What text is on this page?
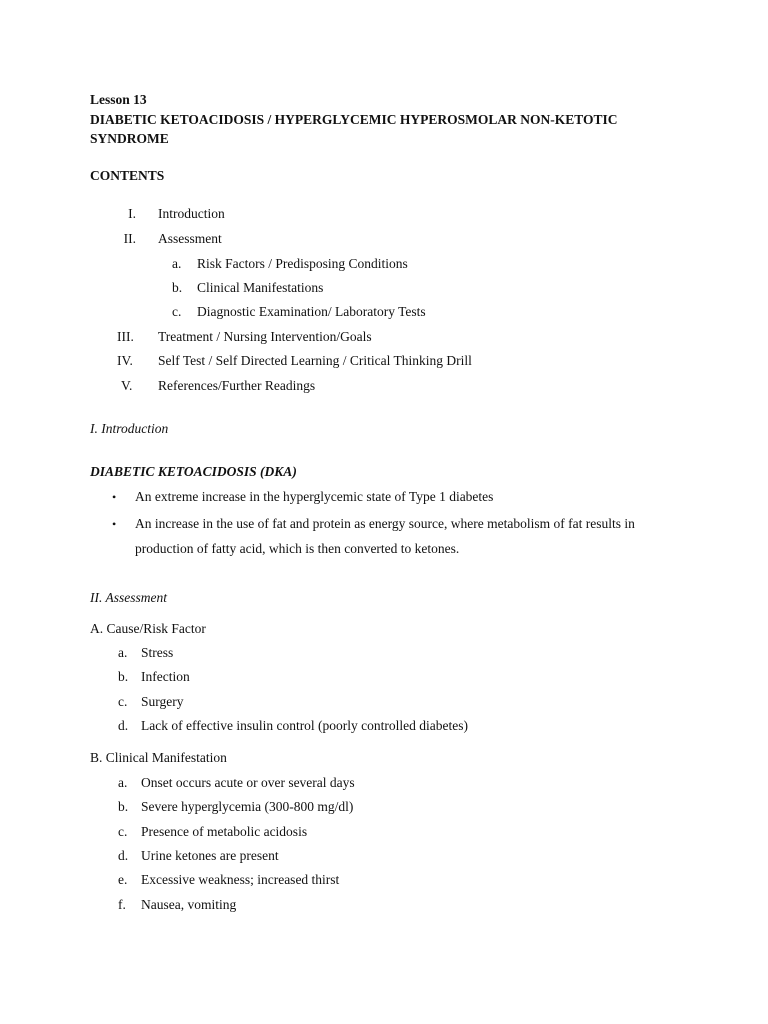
Lesson 13
DIABETIC KETOACIDOSIS / HYPERGLYCEMIC HYPEROSMOLAR NON-KETOTIC
SYNDROME
CONTENTS
I. Introduction
II. Assessment
a. Risk Factors / Predisposing Conditions
b. Clinical Manifestations
c. Diagnostic Examination/ Laboratory Tests
III. Treatment / Nursing Intervention/Goals
IV. Self Test / Self Directed Learning / Critical Thinking Drill
V. References/Further Readings
I. Introduction
DIABETIC KETOACIDOSIS (DKA)
• An extreme increase in the hyperglycemic state of Type 1 diabetes
• An increase in the use of fat and protein as energy source, where metabolism of fat results in
production of fatty acid, which is then converted to ketones.
II. Assessment
A. Cause/Risk Factor
a. Stress
b. Infection
c. Surgery
d. Lack of effective insulin control (poorly controlled diabetes)
B. Clinical Manifestation
a. Onset occurs acute or over several days
b. Severe hyperglycemia (300-800 mg/dl)
c. Presence of metabolic acidosis
d. Urine ketones are present
e. Excessive weakness; increased thirst
f. Nausea, vomiting
